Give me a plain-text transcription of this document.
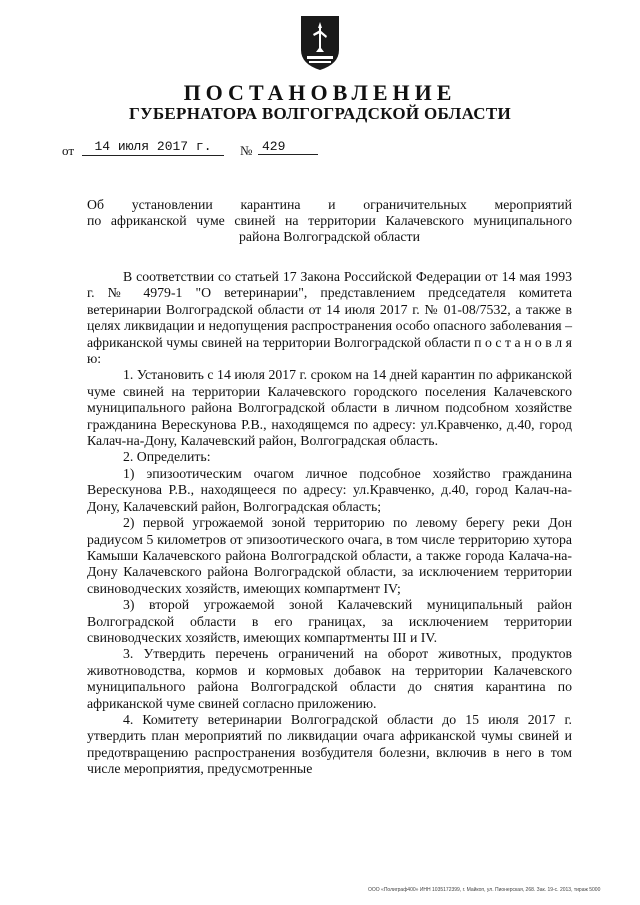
ПОСТАНОВЛЕНИЕ
ГУБЕРНАТОРА ВОЛГОГРАДСКОЙ ОБЛАСТИ
от	14 июля 2017 г.	№ 429
Об установлении карантина и ограничительных мероприятий
по африканской чуме свиней на территории Калачевского муниципального
района Волгоградской области

В соответствии со статьей 17 Закона Российской Федерации от 14 мая 1993 г. № 4979-1 "О ветеринарии", представлением председателя комитета ветеринарии Волгоградской области от 14 июля 2017 г. № 01-08/7532, а также в целях ликвидации и недопущения распространения особо опасного заболевания – африканской чумы свиней на территории Волгоградской области п о с т а н о в л я ю:

1. Установить с 14 июля 2017 г. сроком на 14 дней карантин по африканской чуме свиней на территории Калачевского городского поселения Калачевского муниципального района Волгоградской области в личном подсобном хозяйстве гражданина Верескунова Р.В., находящемся по адресу: ул.Кравченко, д.40, город Калач-на-Дону, Калачевский район, Волгоградская область.

2. Определить:

1) эпизоотическим очагом личное подсобное хозяйство гражданина Верескунова Р.В., находящееся по адресу: ул.Кравченко, д.40, город Калач-на-Дону, Калачевский район, Волгоградская область;

2) первой угрожаемой зоной территорию по левому берегу реки Дон радиусом 5 километров от эпизоотического очага, в том числе территорию хутора Камыши Калачевского района Волгоградской области, а также города Калача-на-Дону Калачевского района Волгоградской области, за исключением территории свиноводческих хозяйств, имеющих компартмент IV;

3) второй угрожаемой зоной Калачевский муниципальный район Волгоградской области в его границах, за исключением территории свиноводческих хозяйств, имеющих компартменты III и IV.

3. Утвердить перечень ограничений на оборот животных, продуктов животноводства, кормов и кормовых добавок на территории Калачевского муниципального района Волгоградской области до снятия карантина по африканской чуме свиней согласно приложению.

4. Комитету ветеринарии Волгоградской области до 15 июля 2017 г. утвердить план мероприятий по ликвидации очага африканской чумы свиней и предотвращению распространения возбудителя болезни, включив в него в том числе мероприятия, предусмотренные

ООО «Полиграф400» ИНН 1035172399, г. Майкоп, ул. Пионерская, 268. Зак. 19-с. 2013, тираж 5000
